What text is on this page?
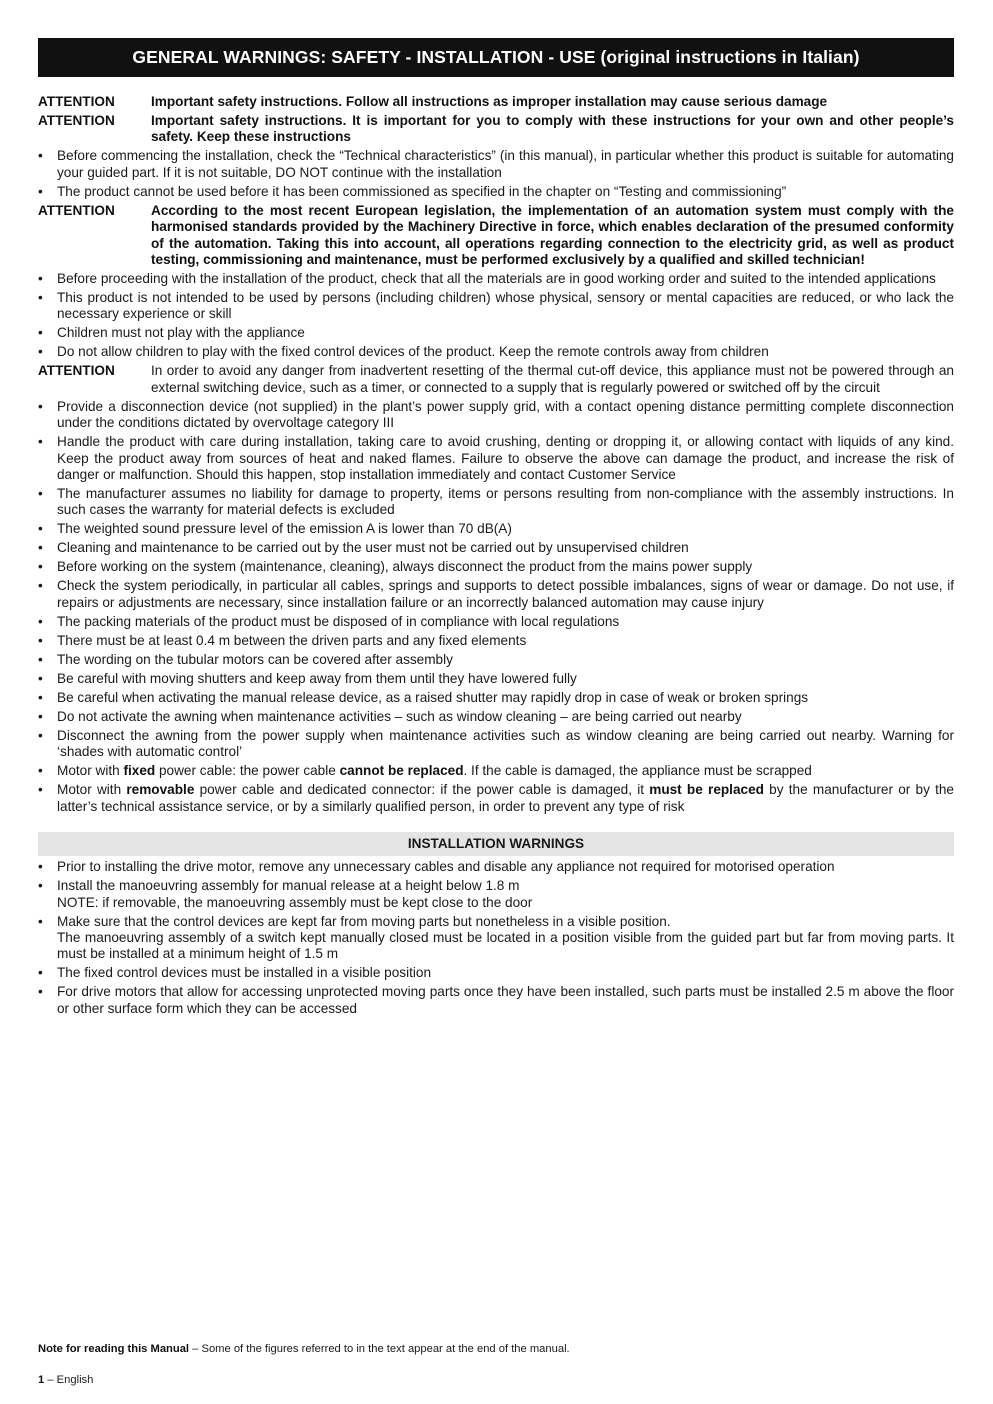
GENERAL WARNINGS: SAFETY - INSTALLATION - USE (original instructions in Italian)
ATTENTION	Important safety instructions. Follow all instructions as improper installation may cause serious damage
ATTENTION	Important safety instructions. It is important for you to comply with these instructions for your own and other people’s safety. Keep these instructions
•	Before commencing the installation, check the “Technical characteristics” (in this manual), in particular whether this product is suitable for automating your guided part. If it is not suitable, DO NOT continue with the installation
•	The product cannot be used before it has been commissioned as specified in the chapter on “Testing and commissioning”
ATTENTION	According to the most recent European legislation, the implementation of an automation system must comply with the harmonised standards provided by the Machinery Directive in force, which enables declaration of the presumed conformity of the automation. Taking this into account, all operations regarding connection to the electricity grid, as well as product testing, commissioning and maintenance, must be performed exclusively by a qualified and skilled technician!
•	Before proceeding with the installation of the product, check that all the materials are in good working order and suited to the intended applications
•	This product is not intended to be used by persons (including children) whose physical, sensory or mental capacities are reduced, or who lack the necessary experience or skill
•	Children must not play with the appliance
•	Do not allow children to play with the fixed control devices of the product. Keep the remote controls away from children
ATTENTION	In order to avoid any danger from inadvertent resetting of the thermal cut-off device, this appliance must not be powered through an external switching device, such as a timer, or connected to a supply that is regularly powered or switched off by the circuit
•	Provide a disconnection device (not supplied) in the plant’s power supply grid, with a contact opening distance permitting complete disconnection under the conditions dictated by overvoltage category III
•	Handle the product with care during installation, taking care to avoid crushing, denting or dropping it, or allowing contact with liquids of any kind. Keep the product away from sources of heat and naked flames. Failure to observe the above can damage the product, and increase the risk of danger or malfunction. Should this happen, stop installation immediately and contact Customer Service
•	The manufacturer assumes no liability for damage to property, items or persons resulting from non-compliance with the assembly instructions. In such cases the warranty for material defects is excluded
•	The weighted sound pressure level of the emission A is lower than 70 dB(A)
•	Cleaning and maintenance to be carried out by the user must not be carried out by unsupervised children
•	Before working on the system (maintenance, cleaning), always disconnect the product from the mains power supply
•	Check the system periodically, in particular all cables, springs and supports to detect possible imbalances, signs of wear or damage. Do not use, if repairs or adjustments are necessary, since installation failure or an incorrectly balanced automation may cause injury
•	The packing materials of the product must be disposed of in compliance with local regulations
•	There must be at least 0.4 m between the driven parts and any fixed elements
•	The wording on the tubular motors can be covered after assembly
•	Be careful with moving shutters and keep away from them until they have lowered fully
•	Be careful when activating the manual release device, as a raised shutter may rapidly drop in case of weak or broken springs
•	Do not activate the awning when maintenance activities – such as window cleaning – are being carried out nearby
•	Disconnect the awning from the power supply when maintenance activities such as window cleaning are being carried out nearby. Warning for ‘shades with automatic control’
•	Motor with fixed power cable: the power cable cannot be replaced. If the cable is damaged, the appliance must be scrapped
•	Motor with removable power cable and dedicated connector: if the power cable is damaged, it must be replaced by the manufacturer or by the latter’s technical assistance service, or by a similarly qualified person, in order to prevent any type of risk
INSTALLATION WARNINGS
•	Prior to installing the drive motor, remove any unnecessary cables and disable any appliance not required for motorised operation
•	Install the manoeuvring assembly for manual release at a height below 1.8 m
NOTE: if removable, the manoeuvring assembly must be kept close to the door
•	Make sure that the control devices are kept far from moving parts but nonetheless in a visible position.
The manoeuvring assembly of a switch kept manually closed must be located in a position visible from the guided part but far from moving parts. It must be installed at a minimum height of 1.5 m
•	The fixed control devices must be installed in a visible position
•	For drive motors that allow for accessing unprotected moving parts once they have been installed, such parts must be installed 2.5 m above the floor or other surface form which they can be accessed
Note for reading this Manual – Some of the figures referred to in the text appear at the end of the manual.
1 – English
